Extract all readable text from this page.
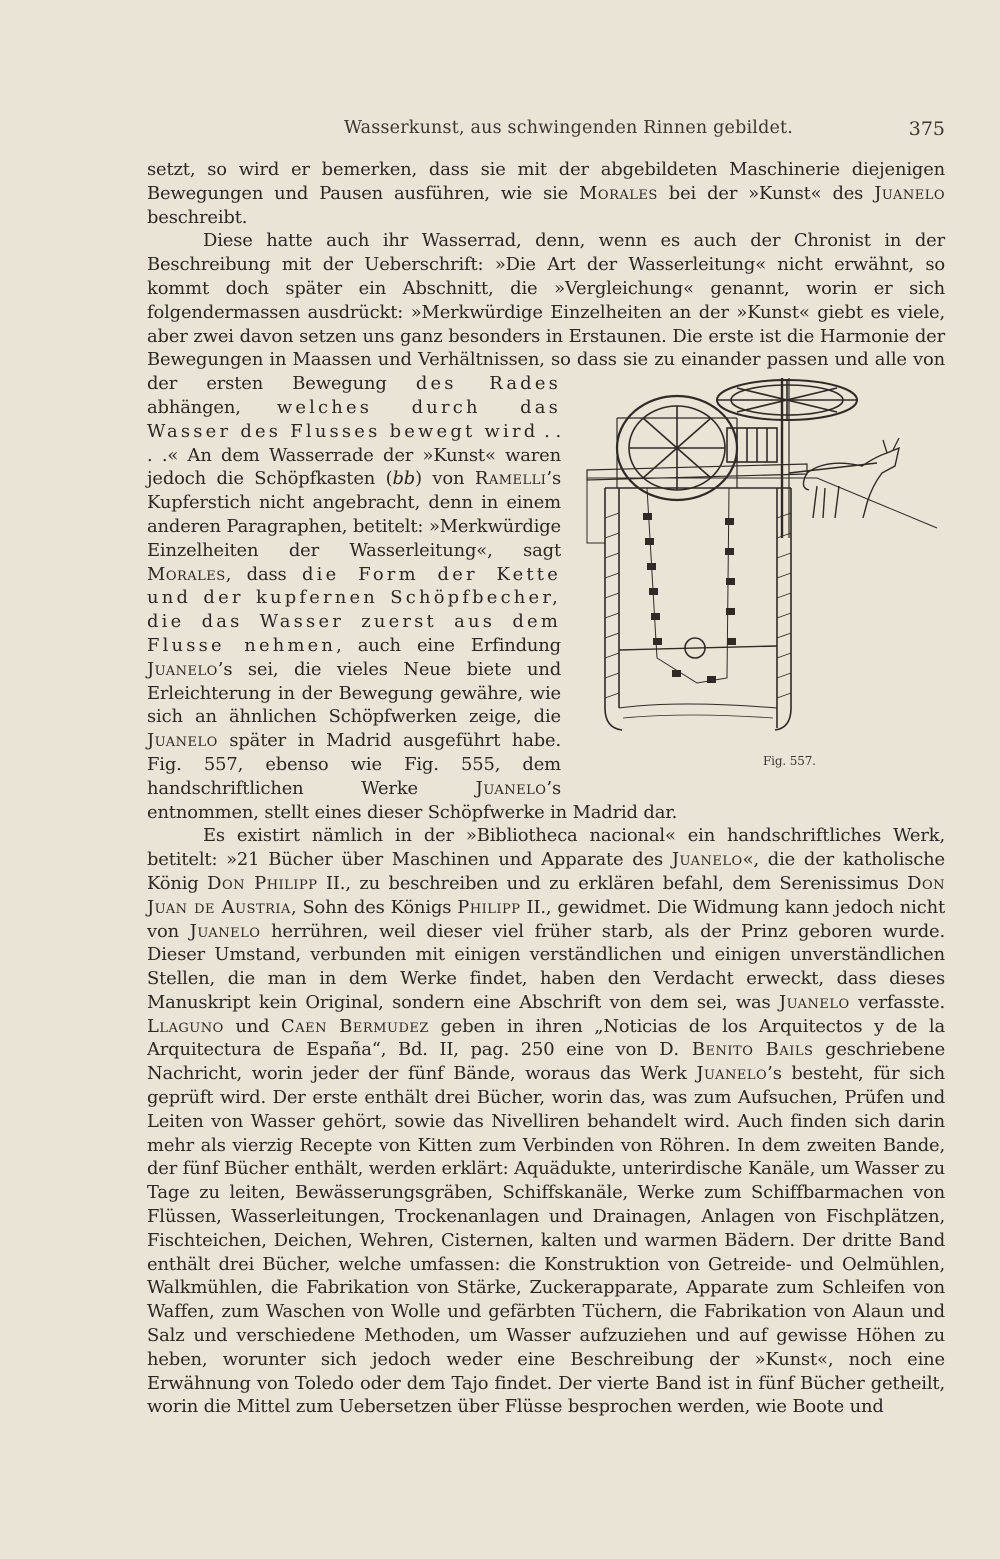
Wasserkunst, aus schwingenden Rinnen gebildet.	375

setzt, so wird er bemerken, dass sie mit der abgebildeten Maschinerie diejenigen Bewegungen und Pausen ausführen, wie sie Morales bei der »Kunst« des Juanelo beschreibt.

Diese hatte auch ihr Wasserrad, denn, wenn es auch der Chronist in der Beschreibung mit der Ueberschrift: »Die Art der Wasserleitung« nicht erwähnt, so kommt doch später ein Abschnitt, die »Vergleichung« genannt, worin er sich folgendermassen ausdrückt: »Merkwürdige Einzelheiten an der »Kunst« giebt es viele, aber zwei davon setzen uns ganz besonders in Erstaunen. Die erste ist die Harmonie der Bewegungen in Maassen und Verhältnissen, so dass sie zu einander passen und alle von der ersten Bewegung
Fig. 557.
des Rades abhängen, welches durch das Wasser des Flusses bewegt wird . . . .« An dem Wasserrade der »Kunst« waren jedoch die Schöpfkasten (bb) von Ramelli’s Kupferstich nicht angebracht, denn in einem anderen Paragraphen, betitelt: »Merkwürdige Einzelheiten der Wasserleitung«, sagt Morales, dass die Form der Kette und der kupfernen Schöpfbecher, die das Wasser zuerst aus dem Flusse nehmen, auch eine Erfindung Juanelo’s sei, die vieles Neue biete und Erleichterung in der Bewegung gewähre, wie sich an ähnlichen Schöpfwerken zeige, die Juanelo später in Madrid ausgeführt habe. Fig. 557, ebenso wie Fig. 555, dem handschriftlichen Werke Juanelo’s entnommen, stellt eines dieser Schöpfwerke in Madrid dar.

Es existirt nämlich in der »Bibliotheca nacional« ein handschriftliches Werk, betitelt: »21 Bücher über Maschinen und Apparate des Juanelo«, die der katholische König Don Philipp II., zu beschreiben und zu erklären befahl, dem Serenissimus Don Juan de Austria, Sohn des Königs Philipp II., gewidmet. Die Widmung kann jedoch nicht von Juanelo herrühren, weil dieser viel früher starb, als der Prinz geboren wurde. Dieser Umstand, verbunden mit einigen verständlichen und einigen unverständlichen Stellen, die man in dem Werke findet, haben den Verdacht erweckt, dass dieses Manuskript kein Original, sondern eine Abschrift von dem sei, was Juanelo verfasste. Llaguno und Caen Bermudez geben in ihren „Noticias de los Arquitectos y de la Arquitectura de España“, Bd. II, pag. 250 eine von D. Benito Bails geschriebene Nachricht, worin jeder der fünf Bände, woraus das Werk Juanelo’s besteht, für sich geprüft wird. Der erste enthält drei Bücher, worin das, was zum Aufsuchen, Prüfen und Leiten von Wasser gehört, sowie das Nivelliren behandelt wird. Auch finden sich darin mehr als vierzig Recepte von Kitten zum Verbinden von Röhren. In dem zweiten Bande, der fünf Bücher enthält, werden erklärt: Aquädukte, unterirdische Kanäle, um Wasser zu Tage zu leiten, Bewässerungsgräben, Schiffskanäle, Werke zum Schiffbarmachen von Flüssen, Wasserleitungen, Trockenanlagen und Drainagen, Anlagen von Fischplätzen, Fischteichen, Deichen, Wehren, Cisternen, kalten und warmen Bädern. Der dritte Band enthält drei Bücher, welche umfassen: die Konstruktion von Getreide- und Oelmühlen, Walkmühlen, die Fabrikation von Stärke, Zuckerapparate, Apparate zum Schleifen von Waffen, zum Waschen von Wolle und gefärbten Tüchern, die Fabrikation von Alaun und Salz und verschiedene Methoden, um Wasser aufzuziehen und auf gewisse Höhen zu heben, worunter sich jedoch weder eine Beschreibung der »Kunst«, noch eine Erwähnung von Toledo oder dem Tajo findet. Der vierte Band ist in fünf Bücher getheilt, worin die Mittel zum Uebersetzen über Flüsse besprochen werden, wie Boote und
